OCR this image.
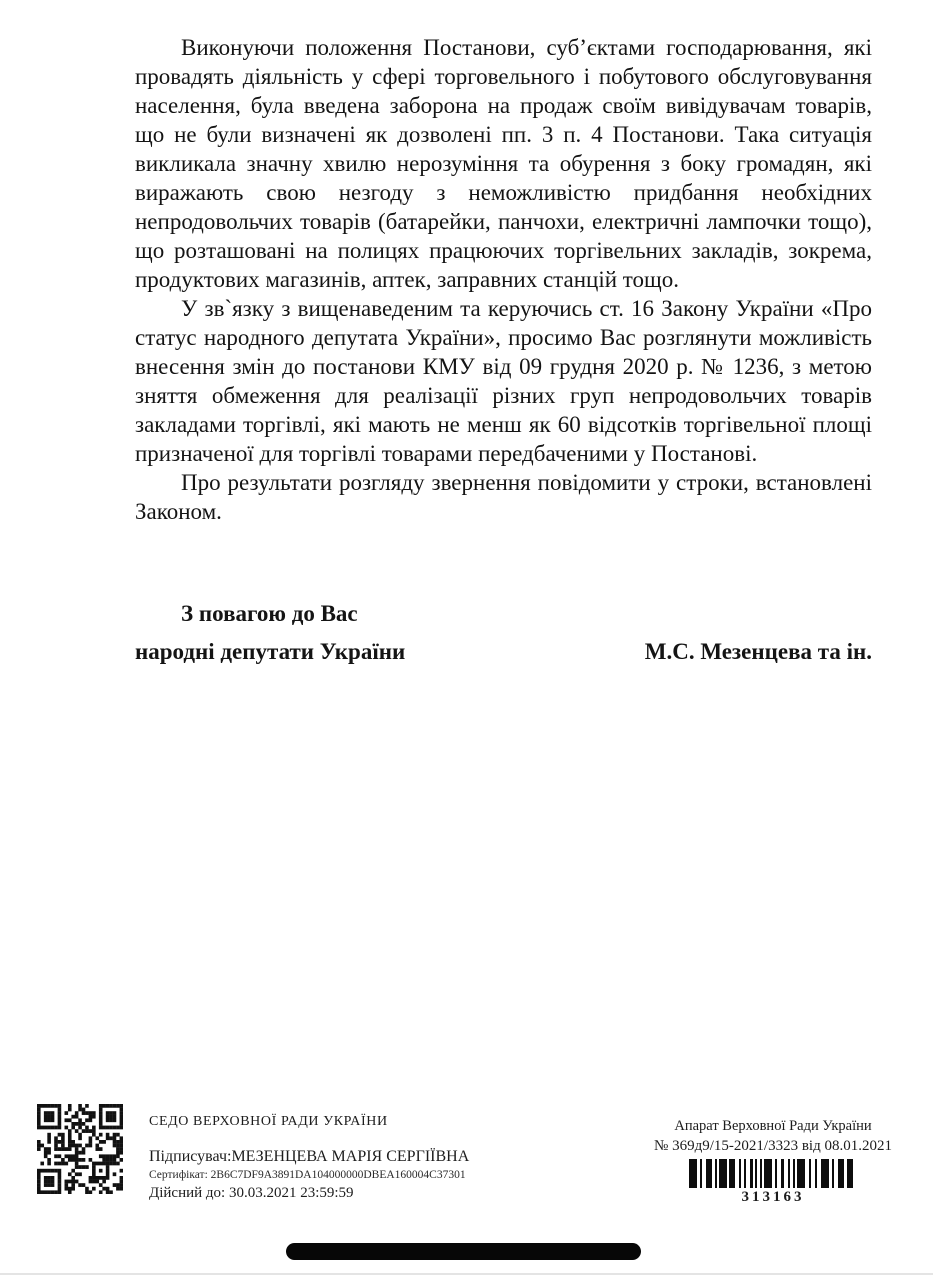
Виконуючи положення Постанови, суб’єктами господарювання, які провадять діяльність у сфері торговельного і побутового обслуговування населення, була введена заборона на продаж своїм вивідувачам товарів, що не були визначені як дозволені пп. 3 п. 4 Постанови. Така ситуація викликала значну хвилю нерозуміння та обурення з боку громадян, які виражають свою незгоду з неможливістю придбання необхідних непродовольчих товарів (батарейки, панчохи, електричні лампочки тощо), що розташовані на полицях працюючих торгівельних закладів, зокрема, продуктових магазинів, аптек, заправних станцій тощо.

У зв`язку з вищенаведеним та керуючись ст. 16 Закону України «Про статус народного депутата України», просимо Вас розглянути можливість внесення змін до постанови КМУ від 09 грудня 2020 р. № 1236, з метою зняття обмеження для реалізації різних груп непродовольчих товарів закладами торгівлі, які мають не менш як 60 відсотків торгівельної площі призначеної для торгівлі товарами передбаченими у Постанові.

Про результати розгляду звернення повідомити у строки, встановлені Законом.

З повагою до Вас

народні депутати України	М.С. Мезенцева та ін.
СЕДО ВЕРХОВНОЇ РАДИ УКРАЇНИ
Підписувач:МЕЗЕНЦЕВА МАРІЯ СЕРГІЇВНА
Сертифікат: 2B6C7DF9A3891DA104000000DBEA160004C37301
Дійсний до: 30.03.2021 23:59:59
Апарат Верховної Ради України
№ 369д9/15-2021/3323 від 08.01.2021
313163
